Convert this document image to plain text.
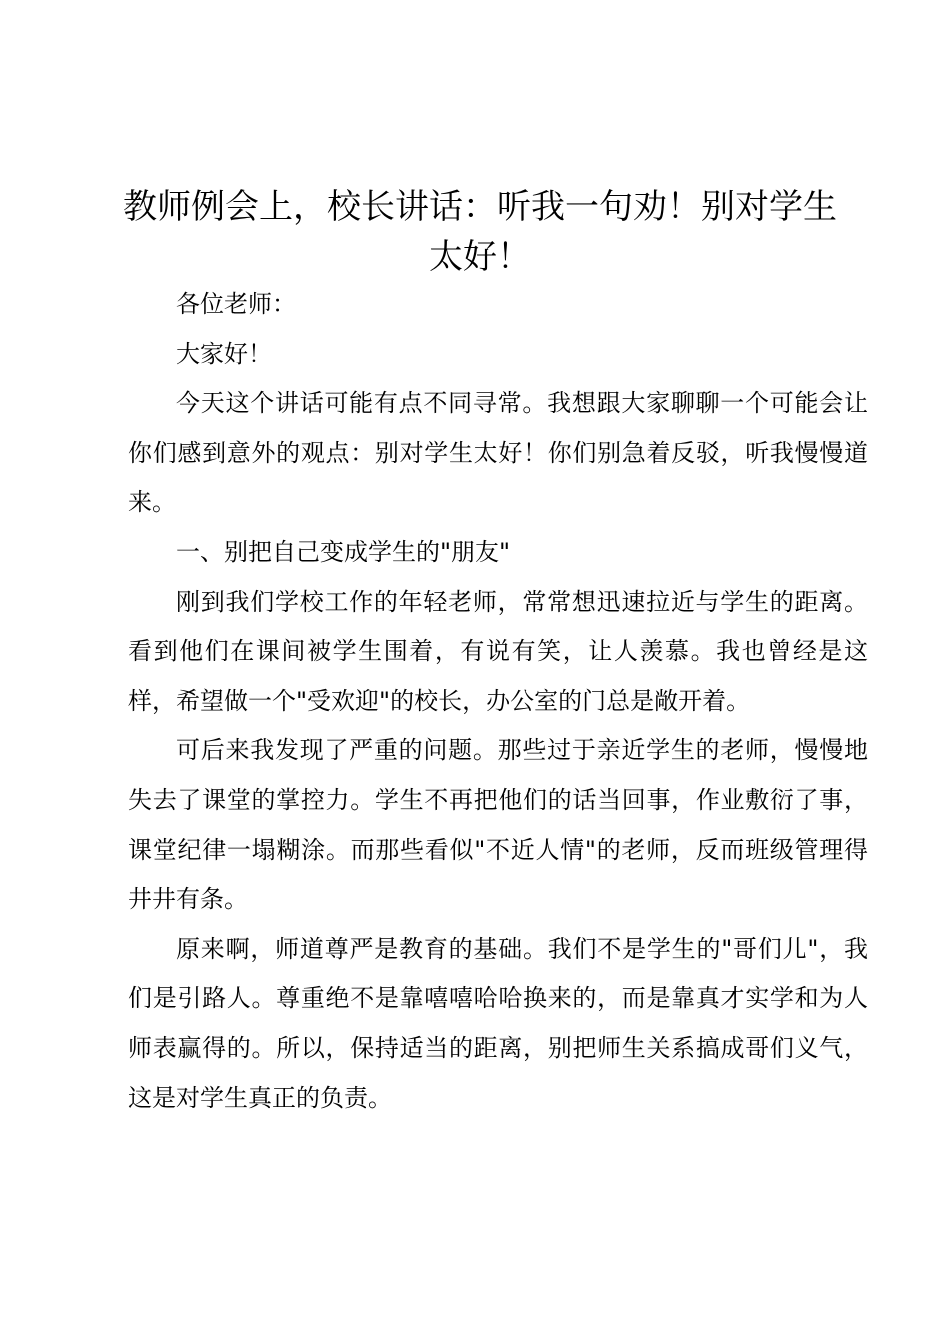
教师例会上，校长讲话：听我一句劝！别对学生太好！

各位老师：

大家好！

今天这个讲话可能有点不同寻常。我想跟大家聊聊一个可能会让你们感到意外的观点：别对学生太好！你们别急着反驳，听我慢慢道来。

一、别把自己变成学生的"朋友"

刚到我们学校工作的年轻老师，常常想迅速拉近与学生的距离。看到他们在课间被学生围着，有说有笑，让人羡慕。我也曾经是这样，希望做一个"受欢迎"的校长，办公室的门总是敞开着。

可后来我发现了严重的问题。那些过于亲近学生的老师，慢慢地失去了课堂的掌控力。学生不再把他们的话当回事，作业敷衍了事，课堂纪律一塌糊涂。而那些看似"不近人情"的老师，反而班级管理得井井有条。

原来啊，师道尊严是教育的基础。我们不是学生的"哥们儿"，我们是引路人。尊重绝不是靠嘻嘻哈哈换来的，而是靠真才实学和为人师表赢得的。所以，保持适当的距离，别把师生关系搞成哥们义气，这是对学生真正的负责。
